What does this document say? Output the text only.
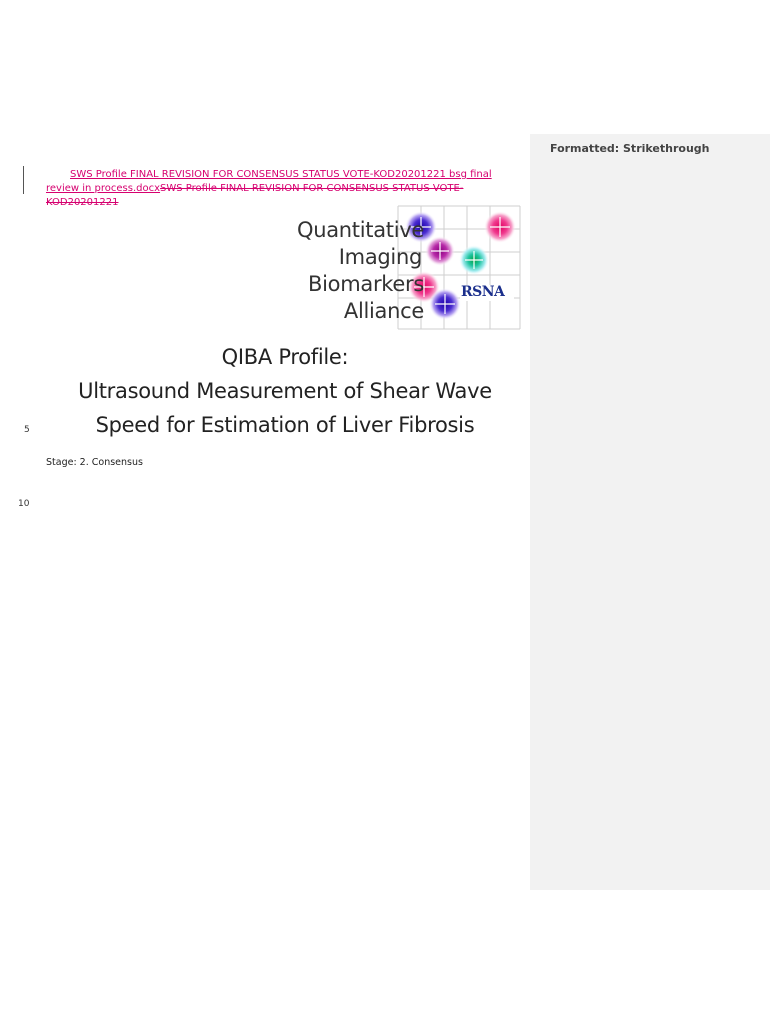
SWS Profile FINAL REVISION FOR CONSENSUS STATUS VOTE-KOD20201221 bsg final review in process.docxSWS Profile FINAL REVISION FOR CONSENSUS STATUS VOTE-KOD20201221
Quantitative
Imaging
Biomarkers
Alliance
RSNA
QIBA Profile:
Ultrasound Measurement of Shear Wave
Speed for Estimation of Liver Fibrosis
5
10
Stage: 2. Consensus
Formatted: Strikethrough
